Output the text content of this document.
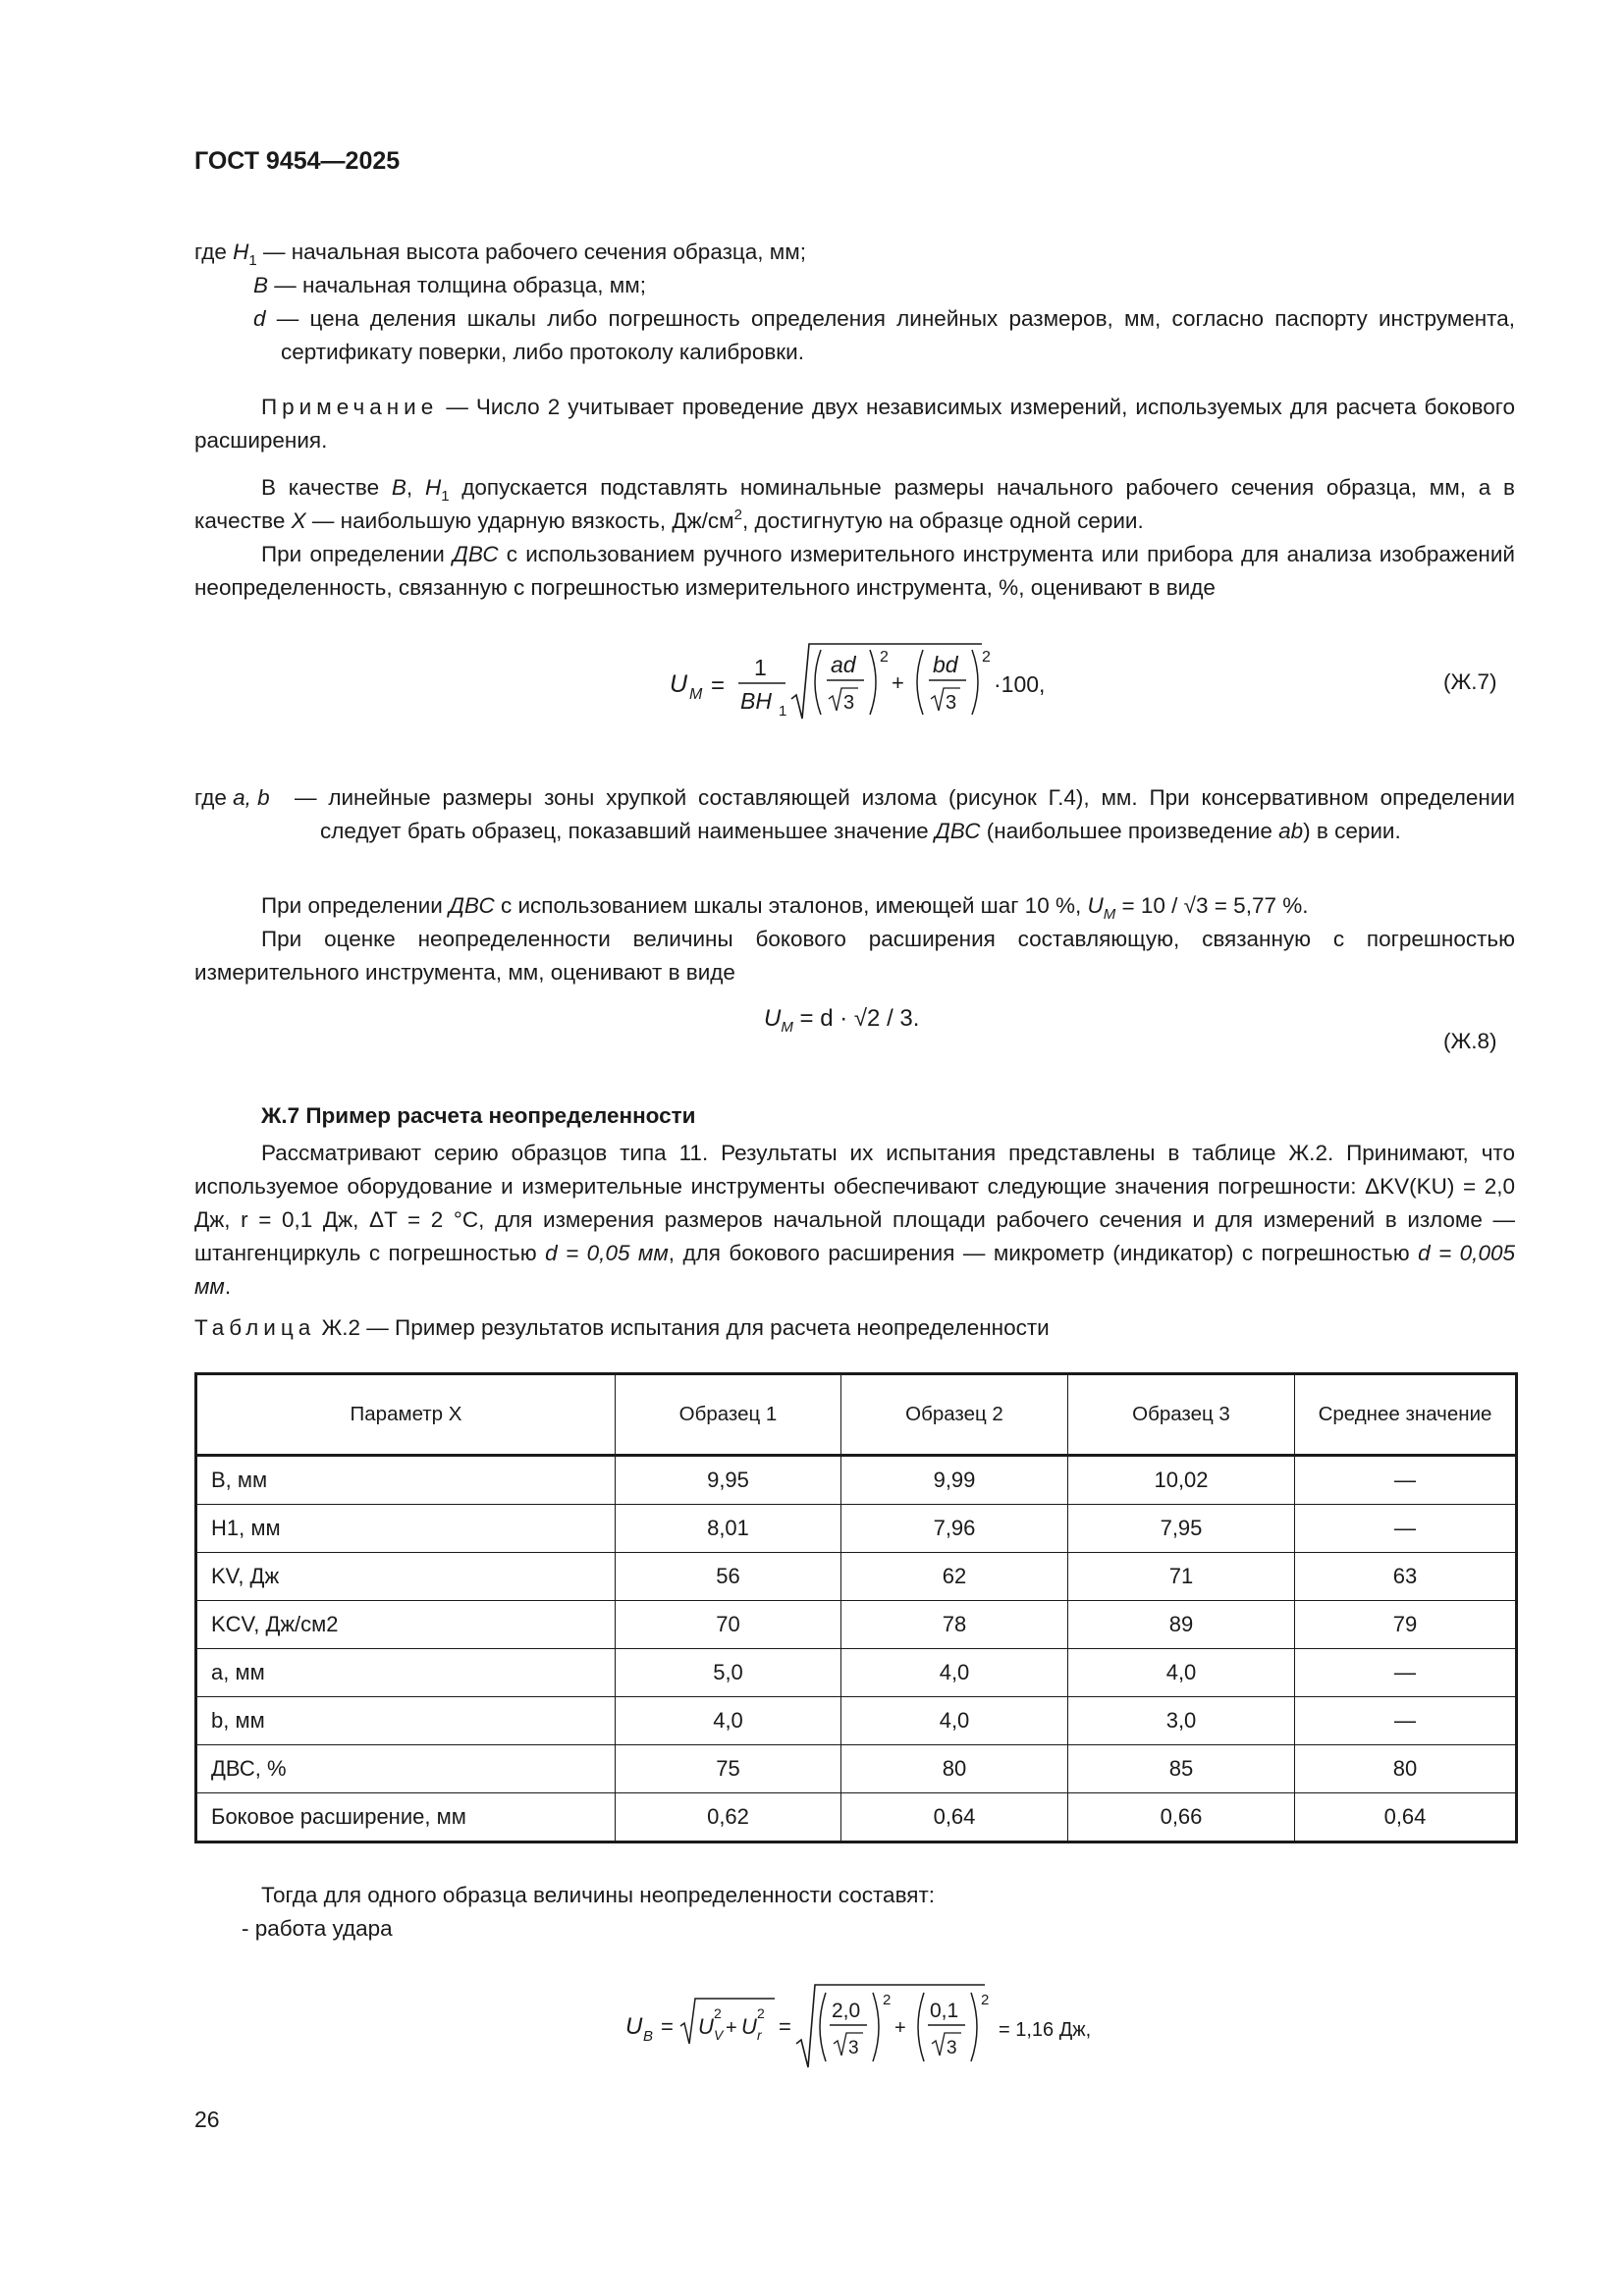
ГОСТ 9454—2025
где $H_1$ — начальная высота рабочего сечения образца, мм;
B — начальная толщина образца, мм;
d — цена деления шкалы либо погрешность определения линейных размеров, мм, согласно паспорту инструмента, сертификату поверки, либо протоколу калибровки.
Примечание — Число 2 учитывает проведение двух независимых измерений, используемых для расчета бокового расширения.
В качестве B, $H_1$ допускается подставлять номинальные размеры начального рабочего сечения образца, мм, а в качестве X — наибольшую ударную вязкость, $Дж/см^2$, достигнутую на образце одной серии.
При определении ДВС с использованием ручного измерительного инструмента или прибора для анализа изображений неопределенность, связанную с погрешностью измерительного инструмента, %, оценивают в виде
U M =
1
BH 1
ad
3
2
+
bd
3
2
·100,	(Ж.7)
где a, b — линейные размеры зоны хрупкой составляющей излома (рисунок Г.4), мм. При консервативном определении следует брать образец, показавший наименьшее значение ДВС (наибольшее произведение ab) в серии.
При определении ДВС с использованием шкалы эталонов, имеющей шаг 10 %, $U_M = 10 / √3 = 5,77$ %.
При оценке неопределенности величины бокового расширения составляющую, связанную с погрешностью измерительного инструмента, мм, оценивают в виде
$U_M = d \cdot √2 / 3$.
(Ж.8)
Ж.7 Пример расчета неопределенности
Рассматривают серию образцов типа 11. Результаты их испытания представлены в таблице Ж.2. Принимают, что используемое оборудование и измерительные инструменты обеспечивают следующие значения погрешности: ΔKV(KU) = 2,0 Дж, r = 0,1 Дж, ΔT = 2 °C, для измерения размеров начальной площади рабочего сечения и для измерений в изломе — штангенциркуль с погрешностью d = 0,05 мм, для бокового расширения — микрометр (индикатор) с погрешностью d = 0,005 мм.
Таблица Ж.2 — Пример результатов испытания для расчета неопределенности
Параметр X	Образец 1	Образец 2	Образец 3	Среднее значение
B, мм	9,95	9,99	10,02	—
H1, мм	8,01	7,96	7,95	—
KV, Дж	56	62	71	63
KCV, Дж/см2	70	78	89	79
a, мм	5,0	4,0	4,0	—
b, мм	4,0	4,0	3,0	—
ДВС, %	75	80	85	80
Боковое расширение, мм	0,62	0,64	0,66	0,64
Тогда для одного образца величины неопределенности составят:
- работа удара
U B = U
2
V + U
2
r =
2,0
3
2
+
0,1
3
2
= 1,16 Дж,
26
